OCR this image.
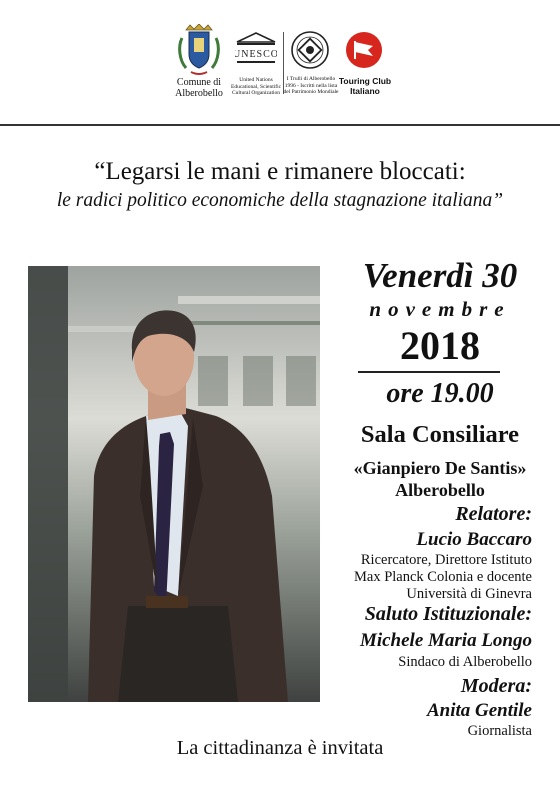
Comune di
Alberobello
UNESCO
United Nations
Educational, Scientific
Cultural Organization
I Trulli di Alberobello
1996 - Iscritti nella lista
del Patrimonio Mondiale
Touring Club
Italiano
“Legarsi le mani e rimanere bloccati:
le radici politico economiche della stagnazione italiana”
Venerdì 30
novembre
2018
ore 19.00
Sala Consiliare
«Gianpiero De Santis»
Alberobello
Relatore:
Lucio Baccaro
Ricercatore, Direttore Istituto
Max Planck Colonia e docente
Università di Ginevra
Saluto Istituzionale:
Michele Maria Longo
Sindaco di Alberobello
Modera:
Anita Gentile
Giornalista
La cittadinanza è invitata
